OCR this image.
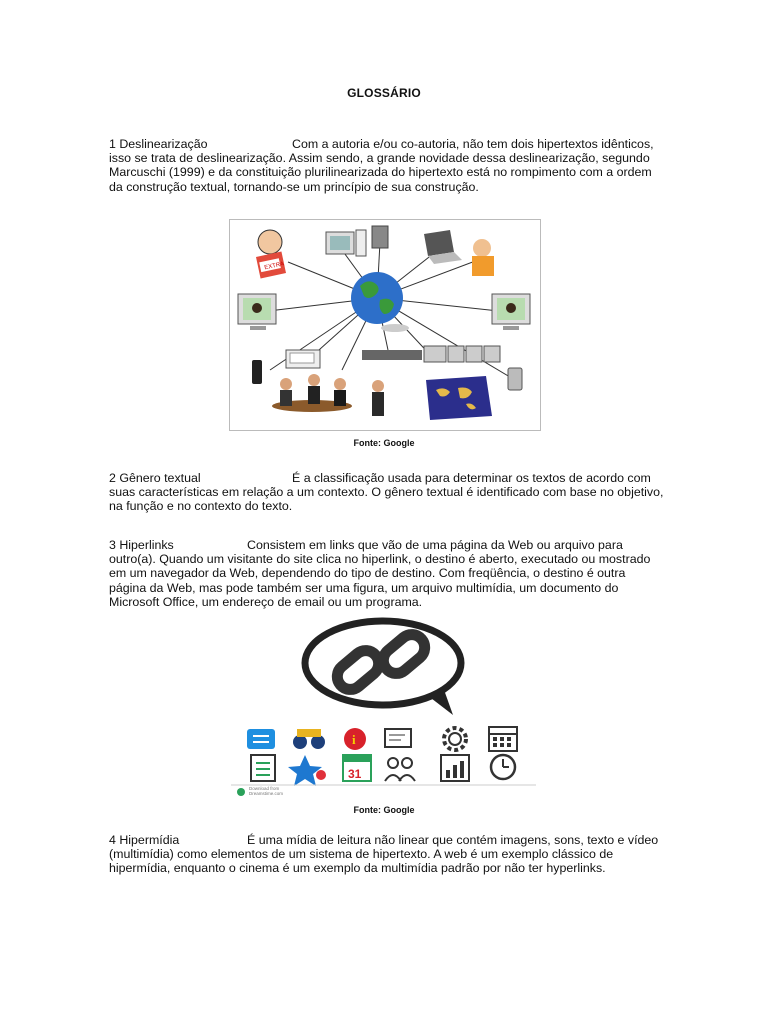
GLOSSÁRIO
1 Deslinearização	Com a autoria e/ou co-autoria, não tem dois hipertextos idênticos, isso se trata de deslinearização. Assim sendo, a grande novidade dessa deslinearização, segundo Marcuschi (1999) e da constituição plurilinearizada do hipertexto está no rompimento com a ordem da construção textual, tornando-se um princípio de sua construção.
EXTRA
Fonte: Google
2 Gênero textual	É a classificação usada para determinar os textos de acordo com suas características em relação a um contexto. O gênero textual é identificado com base no objetivo, na função e no contexto do texto.
3 Hiperlinks	Consistem em links que vão de uma página da Web ou arquivo para outro(a). Quando um visitante do site clica no hiperlink, o destino é aberto, executado ou mostrado em um navegador da Web, dependendo do tipo de destino. Com freqüência, o destino é outra página da Web, mas pode também ser uma figura, um arquivo multimídia, um documento do Microsoft Office, um endereço de email ou um programa.
i
31
Download from
Dreamstime.com
Fonte: Google
4 Hipermídia	É uma mídia de leitura não linear que contém imagens, sons, texto e vídeo (multimídia) como elementos de um sistema de hipertexto. A web é um exemplo clássico de hipermídia, enquanto o cinema é um exemplo da multimídia padrão por não ter hyperlinks.
